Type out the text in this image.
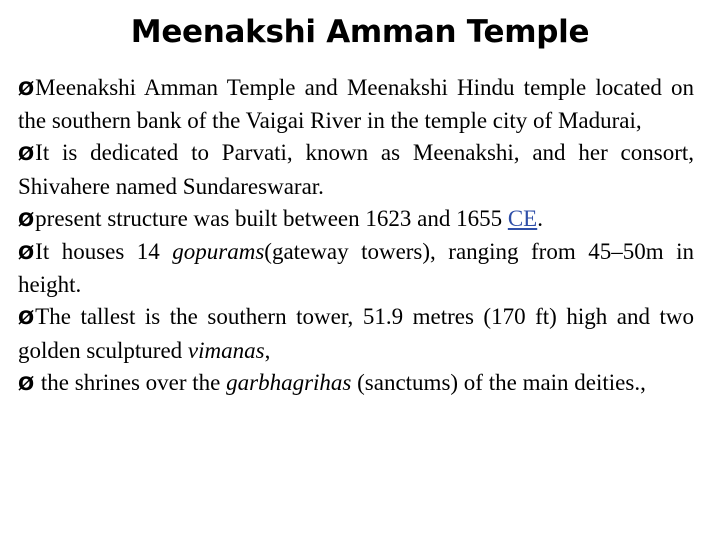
Meenakshi Amman Temple
ØMeenakshi Amman Temple and Meenakshi Hindu temple located on the southern bank of the Vaigai River in the temple city of Madurai,
ØIt is dedicated to Parvati, known as Meenakshi, and her consort, Shivahere named Sundareswarar.
Øpresent structure was built between 1623 and 1655 CE.
ØIt houses 14 gopurams(gateway towers), ranging from 45–50m in height.
ØThe tallest is the southern tower, 51.9 metres (170 ft) high and two golden sculptured vimanas,
Ø the shrines over the garbhagrihas (sanctums) of the main deities.,
